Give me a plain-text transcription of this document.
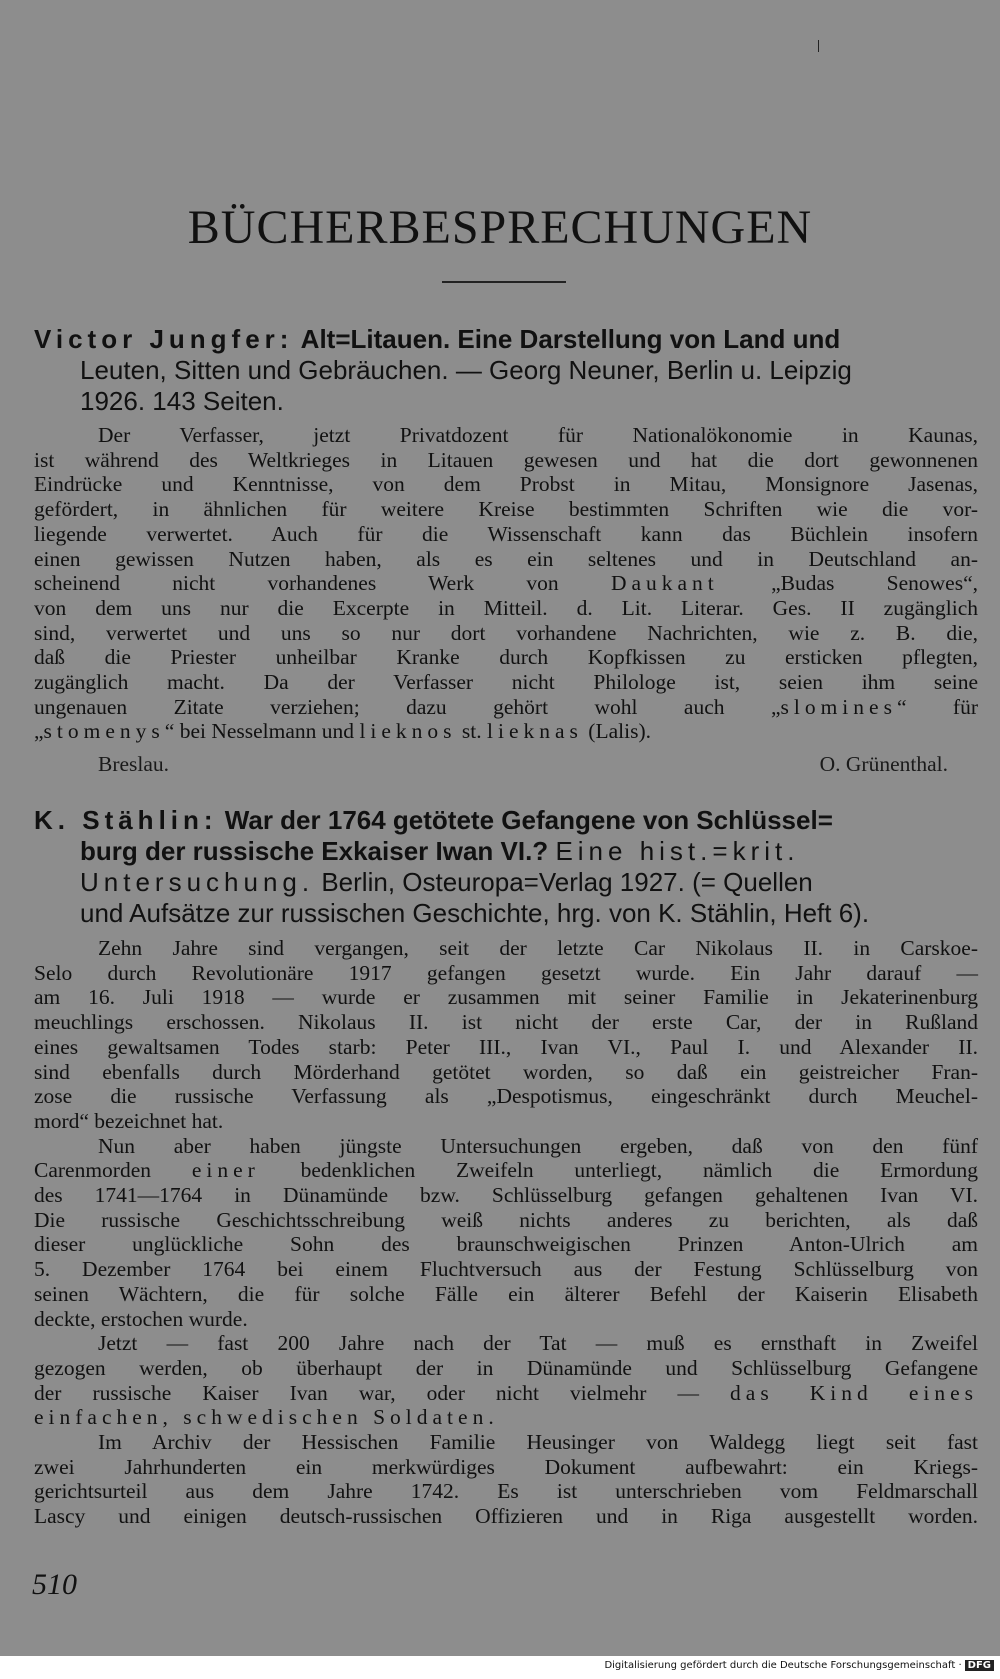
BÜCHERBESPRECHUNGEN
Victor Jungfer: Alt=Litauen. Eine Darstellung von Land und
Leuten, Sitten und Gebräuchen. — Georg Neuner, Berlin u. Leipzig
1926. 143 Seiten.
Der Verfasser, jetzt Privatdozent für Nationalökonomie in Kaunas,
ist während des Weltkrieges in Litauen gewesen und hat die dort gewonnenen
Eindrücke und Kenntnisse, von dem Probst in Mitau, Monsignore Jasenas,
gefördert, in ähnlichen für weitere Kreise bestimmten Schriften wie die vor-
liegende verwertet. Auch für die Wissenschaft kann das Büchlein insofern
einen gewissen Nutzen haben, als es ein seltenes und in Deutschland an-
scheinend nicht vorhandenes Werk von Daukant „Budas Senowes“,
von dem uns nur die Excerpte in Mitteil. d. Lit. Literar. Ges. II zugänglich
sind, verwertet und uns so nur dort vorhandene Nachrichten, wie z. B. die,
daß die Priester unheilbar Kranke durch Kopfkissen zu ersticken pflegten,
zugänglich macht. Da der Verfasser nicht Philologe ist, seien ihm seine
ungenauen Zitate verziehen; dazu gehört wohl auch „slomines“ für
„stomenys“ bei Nesselmann und lieknos st. lieknas (Lalis).
Breslau.	O. Grünenthal.
K. Stählin: War der 1764 getötete Gefangene von Schlüssel=
burg der russische Exkaiser Iwan VI.? Eine hist.=krit.
Untersuchung. Berlin, Osteuropa=Verlag 1927. (= Quellen
und Aufsätze zur russischen Geschichte, hrg. von K. Stählin, Heft 6).
Zehn Jahre sind vergangen, seit der letzte Car Nikolaus II. in Carskoe-
Selo durch Revolutionäre 1917 gefangen gesetzt wurde. Ein Jahr darauf —
am 16. Juli 1918 — wurde er zusammen mit seiner Familie in Jekaterinenburg
meuchlings erschossen. Nikolaus II. ist nicht der erste Car, der in Rußland
eines gewaltsamen Todes starb: Peter III., Ivan VI., Paul I. und Alexander II.
sind ebenfalls durch Mörderhand getötet worden, so daß ein geistreicher Fran-
zose die russische Verfassung als „Despotismus, eingeschränkt durch Meuchel-
mord“ bezeichnet hat.
Nun aber haben jüngste Untersuchungen ergeben, daß von den fünf
Carenmorden einer bedenklichen Zweifeln unterliegt, nämlich die Ermordung
des 1741—1764 in Dünamünde bzw. Schlüsselburg gefangen gehaltenen Ivan VI.
Die russische Geschichtsschreibung weiß nichts anderes zu berichten, als daß
dieser unglückliche Sohn des braunschweigischen Prinzen Anton-Ulrich am
5. Dezember 1764 bei einem Fluchtversuch aus der Festung Schlüsselburg von
seinen Wächtern, die für solche Fälle ein älterer Befehl der Kaiserin Elisabeth
deckte, erstochen wurde.
Jetzt — fast 200 Jahre nach der Tat — muß es ernsthaft in Zweifel
gezogen werden, ob überhaupt der in Dünamünde und Schlüsselburg Gefangene
der russische Kaiser Ivan war, oder nicht vielmehr — das Kind eines
einfachen, schwedischen Soldaten.
Im Archiv der Hessischen Familie Heusinger von Waldegg liegt seit fast
zwei Jahrhunderten ein merkwürdiges Dokument aufbewahrt: ein Kriegs-
gerichtsurteil aus dem Jahre 1742. Es ist unterschrieben vom Feldmarschall
Lascy und einigen deutsch-russischen Offizieren und in Riga ausgestellt worden.
510
Digitalisierung gefördert durch die Deutsche Forschungsgemeinschaft · DFG
